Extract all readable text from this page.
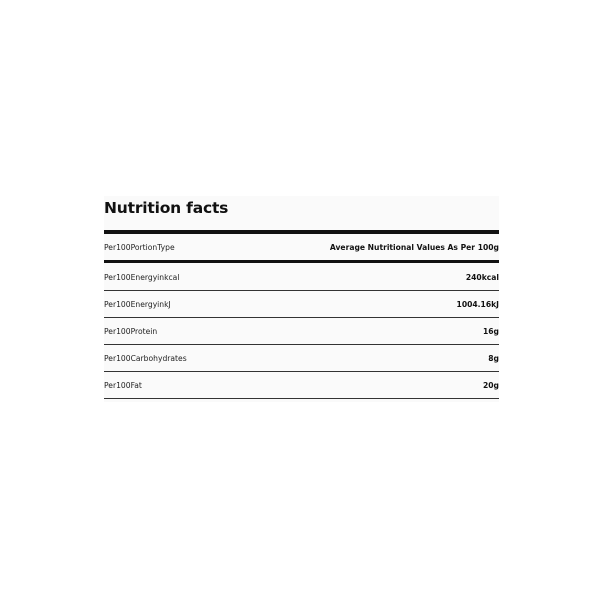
Nutrition facts
Per100PortionType	Average Nutritional Values As Per 100g
Per100Energyinkcal	240kcal
Per100EnergyinkJ	1004.16kJ
Per100Protein	16g
Per100Carbohydrates	8g
Per100Fat	20g
